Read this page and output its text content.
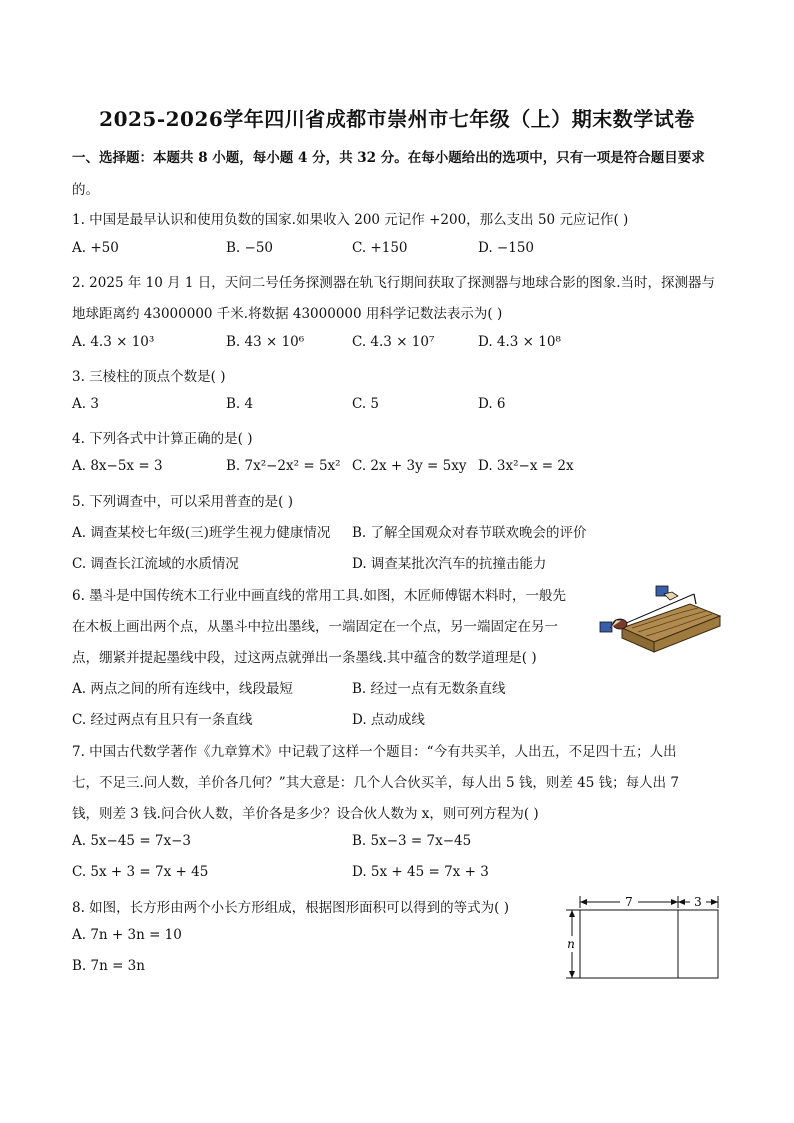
2025-2026学年四川省成都市崇州市七年级（上）期末数学试卷
一、选择题：本题共 8 小题，每小题 4 分，共 32 分。在每小题给出的选项中，只有一项是符合题目要求
的。
1. 中国是最早认识和使用负数的国家.如果收入 200 元记作 +200，那么支出 50 元应记作( )
A. +50	B. −50	C. +150	D. −150
2. 2025 年 10 月 1 日，天问二号任务探测器在轨飞行期间获取了探测器与地球合影的图象.当时，探测器与
地球距离约 43000000 千米.将数据 43000000 用科学记数法表示为( )
A. 4.3 × 10³	B. 43 × 10⁶	C. 4.3 × 10⁷	D. 4.3 × 10⁸
3. 三棱柱的顶点个数是( )
A. 3	B. 4	C. 5	D. 6
4. 下列各式中计算正确的是( )
A. 8x−5x = 3	B. 7x²−2x² = 5x² C. 2x + 3y = 5xy D. 3x²−x = 2x
5. 下列调查中，可以采用普查的是( )
A. 调查某校七年级(三)班学生视力健康情况 B. 了解全国观众对春节联欢晚会的评价
C. 调查长江流域的水质情况	D. 调查某批次汽车的抗撞击能力
6. 墨斗是中国传统木工行业中画直线的常用工具.如图，木匠师傅锯木料时，一般先
在木板上画出两个点，从墨斗中拉出墨线，一端固定在一个点，另一端固定在另一
点，绷紧并提起墨线中段，过这两点就弹出一条墨线.其中蕴含的数学道理是( )
A. 两点之间的所有连线中，线段最短	B. 经过一点有无数条直线
C. 经过两点有且只有一条直线	D. 点动成线
7. 中国古代数学著作《九章算术》中记载了这样一个题目：“今有共买羊，人出五，不足四十五；人出
七，不足三.问人数，羊价各几何？”其大意是：几个人合伙买羊，每人出 5 钱，则差 45 钱；每人出 7
钱，则差 3 钱.问合伙人数，羊价各是多少？设合伙人数为 x，则可列方程为( )
A. 5x−45 = 7x−3	B. 5x−3 = 7x−45
C. 5x + 3 = 7x + 45	D. 5x + 45 = 7x + 3
8. 如图，长方形由两个小长方形组成，根据图形面积可以得到的等式为( )
A. 7n + 3n = 10
B. 7n = 3n
7	3
n
